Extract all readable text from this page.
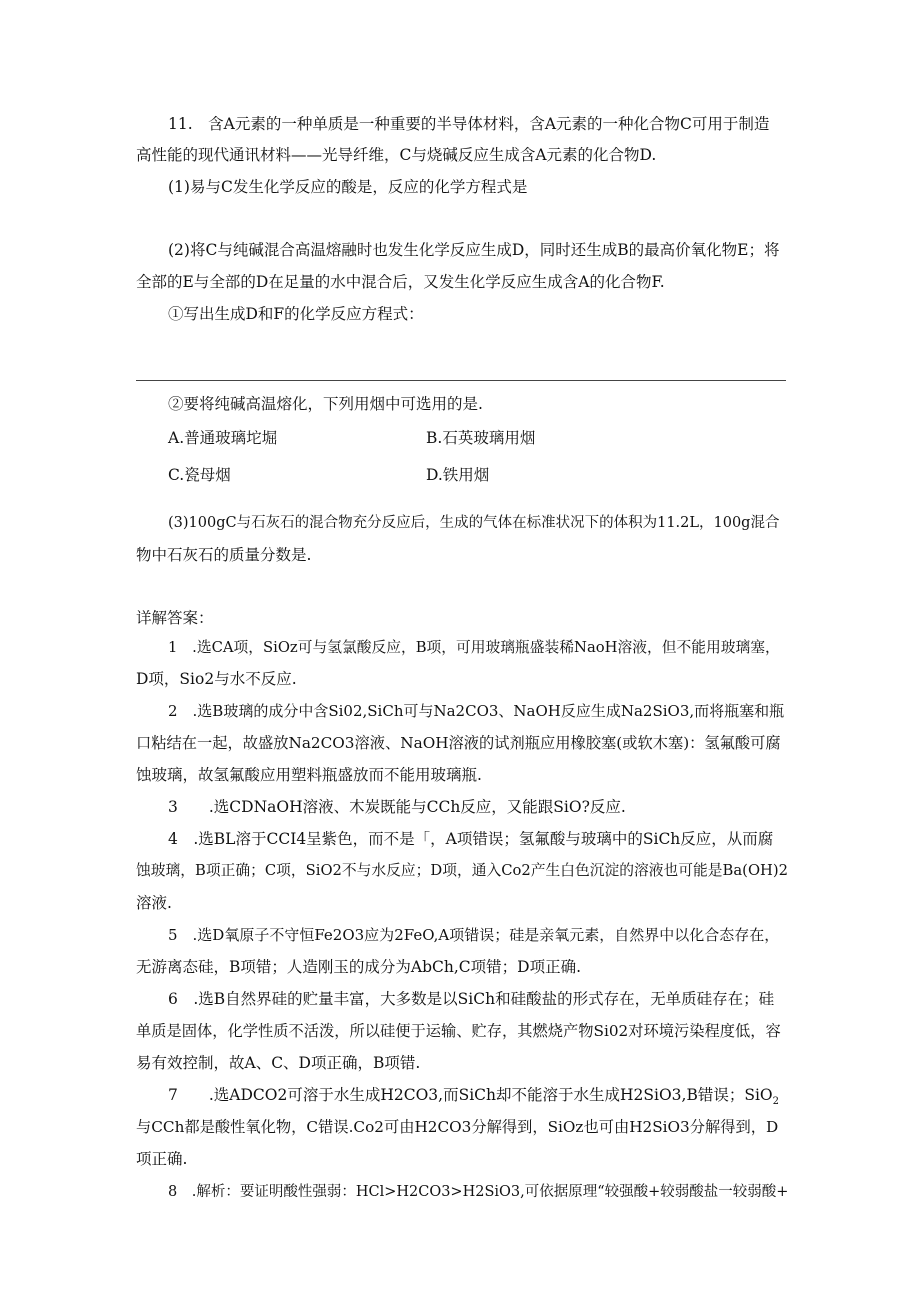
11.　含A元素的一种单质是一种重要的半导体材料，含A元素的一种化合物C可用于制造
高性能的现代通讯材料——光导纤维，C与烧碱反应生成含A元素的化合物D.
(1)易与C发生化学反应的酸是，反应的化学方程式是
(2)将C与纯碱混合高温熔融时也发生化学反应生成D，同时还生成B的最高价氧化物E；将
全部的E与全部的D在足量的水中混合后，又发生化学反应生成含A的化合物F.
①写出生成D和F的化学反应方程式：
②要将纯碱高温熔化，下列用烟中可选用的是.
A.普通玻璃坨堀	B.石英玻璃用烟
C.瓷母烟	D.铁用烟
(3)100gC与石灰石的混合物充分反应后，生成的气体在标准状况下的体积为11.2L，100g混合
物中石灰石的质量分数是.
详解答案：
1　.选CA项，SiOz可与氢氯酸反应，B项，可用玻璃瓶盛装稀NaoH溶液，但不能用玻璃塞，
D项，Sio2与水不反应.
2　.选B玻璃的成分中含Si02,SiCh可与Na2CO3、NaOH反应生成Na2SiO3,而将瓶塞和瓶
口粘结在一起，故盛放Na2CO3溶液、NaOH溶液的试剂瓶应用橡胶塞(或软木塞)：氢氟酸可腐
蚀玻璃，故氢氟酸应用塑料瓶盛放而不能用玻璃瓶.
3　　.选CDNaOH溶液、木炭既能与CCh反应，又能跟SiO?反应.
4　.选BL溶于CCI4呈紫色，而不是「，A项错误；氢氟酸与玻璃中的SiCh反应，从而腐
蚀玻璃，B项正确；C项，SiO2不与水反应；D项，通入Co2产生白色沉淀的溶液也可能是Ba(OH)2
溶液.
5　.选D氧原子不守恒Fe2O3应为2FeO,A项错误；硅是亲氧元素，自然界中以化合态存在，
无游离态硅，B项错；人造刚玉的成分为AbCh,C项错；D项正确.
6　.选B自然界硅的贮量丰富，大多数是以SiCh和硅酸盐的形式存在，无单质硅存在；硅
单质是固体，化学性质不活泼，所以硅便于运输、贮存，其燃烧产物Si02对环境污染程度低，容
易有效控制，故A、C、D项正确，B项错.
7　　.选ADCO2可溶于水生成H2CO3,而SiCh却不能溶于水生成H2SiO3,B错误；SiO$_2$
与CCh都是酸性氧化物，C错误.Co2可由H2CO3分解得到，SiOz也可由H2SiO3分解得到，D
项正确.
8　.解析：要证明酸性强弱：HCl>H2CO3>H2SiO3,可依据原理“较强酸+较弱酸盐一较弱酸+
